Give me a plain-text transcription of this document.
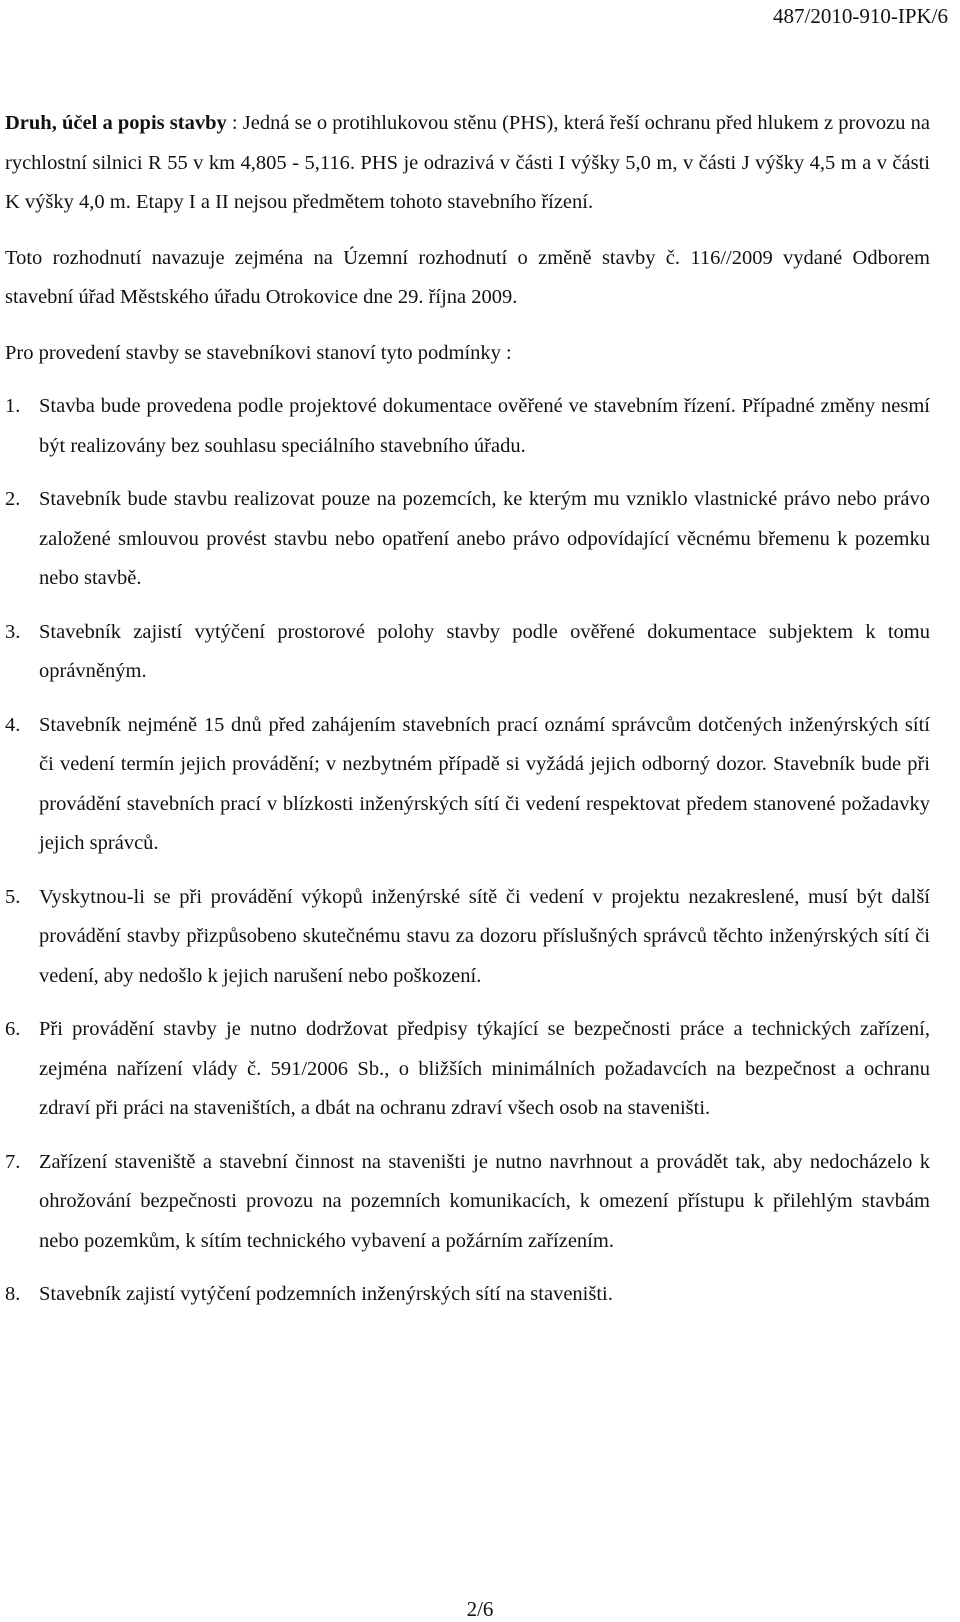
487/2010-910-IPK/6

Druh, účel a popis stavby : Jedná se o protihlukovou stěnu (PHS), která řeší ochranu před hlukem z provozu na rychlostní silnici R 55 v km 4,805 - 5,116. PHS je odrazivá v části I výšky 5,0 m, v části J výšky 4,5 m a v části K výšky 4,0 m. Etapy I a II nejsou předmětem tohoto stavebního řízení.

Toto rozhodnutí navazuje zejména na Územní rozhodnutí o změně stavby č. 116//2009 vydané Odborem stavební úřad Městského úřadu Otrokovice dne 29. října 2009.

Pro provedení stavby se stavebníkovi stanoví tyto podmínky :

1. Stavba bude provedena podle projektové dokumentace ověřené ve stavebním řízení. Případné změny nesmí být realizovány bez souhlasu speciálního stavebního úřadu.
2. Stavebník bude stavbu realizovat pouze na pozemcích, ke kterým mu vzniklo vlastnické právo nebo právo založené smlouvou provést stavbu nebo opatření anebo právo odpovídající věcnému břemenu k pozemku nebo stavbě.
3. Stavebník zajistí vytýčení prostorové polohy stavby podle ověřené dokumentace subjektem k tomu oprávněným.
4. Stavebník nejméně 15 dnů před zahájením stavebních prací oznámí správcům dotčených inženýrských sítí či vedení termín jejich provádění; v nezbytném případě si vyžádá jejich odborný dozor. Stavebník bude při provádění stavebních prací v blízkosti inženýrských sítí či vedení respektovat předem stanovené požadavky jejich správců.
5. Vyskytnou-li se při provádění výkopů inženýrské sítě či vedení v projektu nezakreslené, musí být další provádění stavby přizpůsobeno skutečnému stavu za dozoru příslušných správců těchto inženýrských sítí či vedení, aby nedošlo k jejich narušení nebo poškození.
6. Při provádění stavby je nutno dodržovat předpisy týkající se bezpečnosti práce a technických zařízení, zejména nařízení vlády č. 591/2006 Sb., o bližších minimálních požadavcích na bezpečnost a ochranu zdraví při práci na staveništích, a dbát na ochranu zdraví všech osob na staveništi.
7. Zařízení staveniště a stavební činnost na staveništi je nutno navrhnout a provádět tak, aby nedocházelo k ohrožování bezpečnosti provozu na pozemních komunikacích, k omezení přístupu k přilehlým stavbám nebo pozemkům, k sítím technického vybavení a požárním zařízením.
8. Stavebník zajistí vytýčení podzemních inženýrských sítí na staveništi.
2/6
